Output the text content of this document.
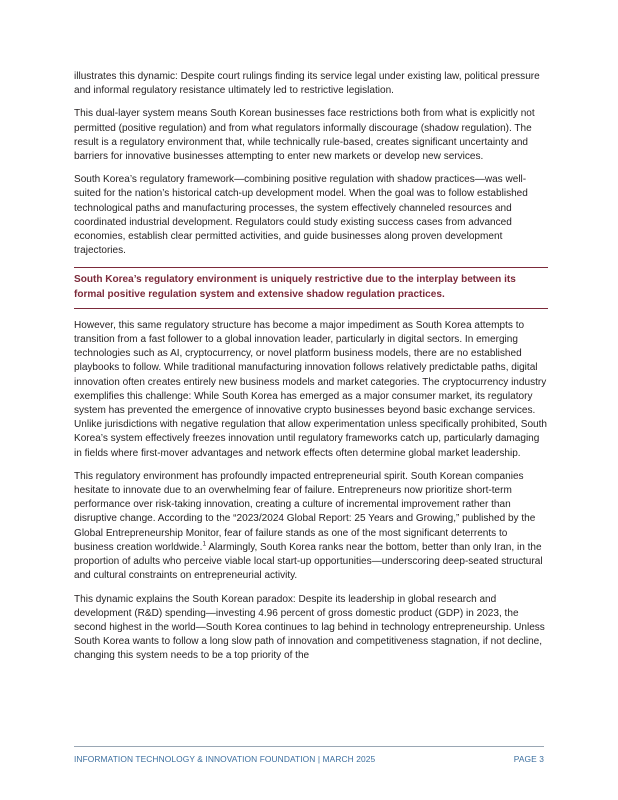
illustrates this dynamic: Despite court rulings finding its service legal under existing law, political pressure and informal regulatory resistance ultimately led to restrictive legislation.

This dual-layer system means South Korean businesses face restrictions both from what is explicitly not permitted (positive regulation) and from what regulators informally discourage (shadow regulation). The result is a regulatory environment that, while technically rule-based, creates significant uncertainty and barriers for innovative businesses attempting to enter new markets or develop new services.

South Korea’s regulatory framework—combining positive regulation with shadow practices—was well-suited for the nation’s historical catch-up development model. When the goal was to follow established technological paths and manufacturing processes, the system effectively channeled resources and coordinated industrial development. Regulators could study existing success cases from advanced economies, establish clear permitted activities, and guide businesses along proven development trajectories.

South Korea’s regulatory environment is uniquely restrictive due to the interplay between its formal positive regulation system and extensive shadow regulation practices.

However, this same regulatory structure has become a major impediment as South Korea attempts to transition from a fast follower to a global innovation leader, particularly in digital sectors. In emerging technologies such as AI, cryptocurrency, or novel platform business models, there are no established playbooks to follow. While traditional manufacturing innovation follows relatively predictable paths, digital innovation often creates entirely new business models and market categories. The cryptocurrency industry exemplifies this challenge: While South Korea has emerged as a major consumer market, its regulatory system has prevented the emergence of innovative crypto businesses beyond basic exchange services. Unlike jurisdictions with negative regulation that allow experimentation unless specifically prohibited, South Korea’s system effectively freezes innovation until regulatory frameworks catch up, particularly damaging in fields where first-mover advantages and network effects often determine global market leadership.

This regulatory environment has profoundly impacted entrepreneurial spirit. South Korean companies hesitate to innovate due to an overwhelming fear of failure. Entrepreneurs now prioritize short-term performance over risk-taking innovation, creating a culture of incremental improvement rather than disruptive change. According to the “2023/2024 Global Report: 25 Years and Growing,” published by the Global Entrepreneurship Monitor, fear of failure stands as one of the most significant deterrents to business creation worldwide.$^1$ Alarmingly, South Korea ranks near the bottom, better than only Iran, in the proportion of adults who perceive viable local start-up opportunities—underscoring deep-seated structural and cultural constraints on entrepreneurial activity.

This dynamic explains the South Korean paradox: Despite its leadership in global research and development (R&D) spending—investing 4.96 percent of gross domestic product (GDP) in 2023, the second highest in the world—South Korea continues to lag behind in technology entrepreneurship. Unless South Korea wants to follow a long slow path of innovation and competitiveness stagnation, if not decline, changing this system needs to be a top priority of the

INFORMATION TECHNOLOGY & INNOVATION FOUNDATION | MARCH 2025	PAGE 3
